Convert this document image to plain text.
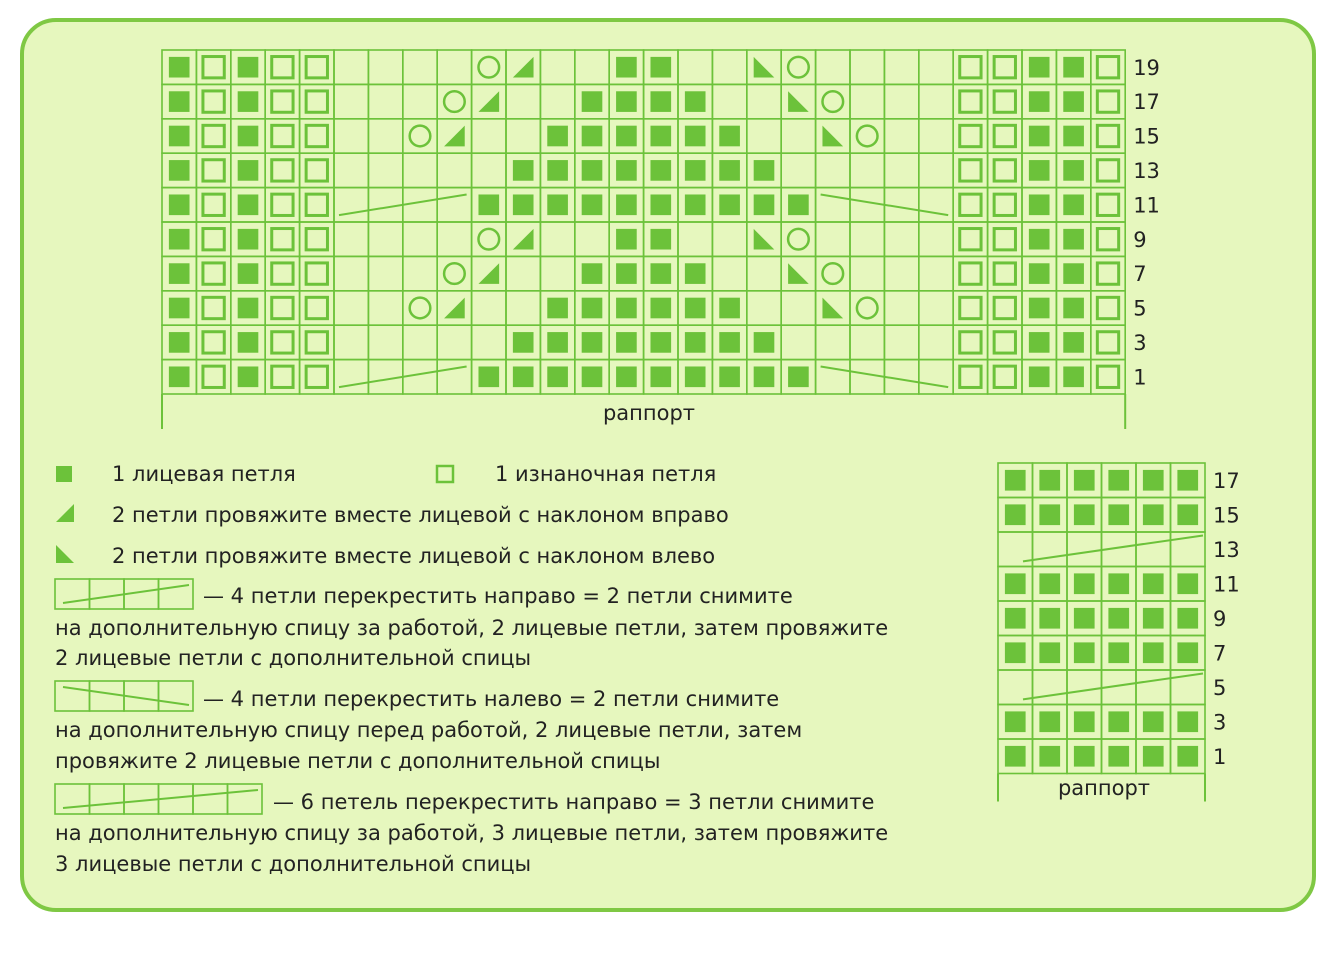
19
17
15
13
11
9
7
5
3
1
17
15
13
11
9
7
5
3
1
раппорт
раппорт
1 лицевая петля	1 изнаночная петля
2 петли провяжите вместе лицевой с наклоном вправо
2 петли провяжите вместе лицевой с наклоном влево
— 4 петли перекрестить направо = 2 петли снимите
на дополнительную спицу за работой, 2 лицевые петли, затем провяжите
2 лицевые петли с дополнительной спицы
— 4 петли перекрестить налево = 2 петли снимите
на дополнительную спицу перед работой, 2 лицевые петли, затем
провяжите 2 лицевые петли с дополнительной спицы
— 6 петель перекрестить направо = 3 петли снимите
на дополнительную спицу за работой, 3 лицевые петли, затем провяжите
3 лицевые петли с дополнительной спицы
